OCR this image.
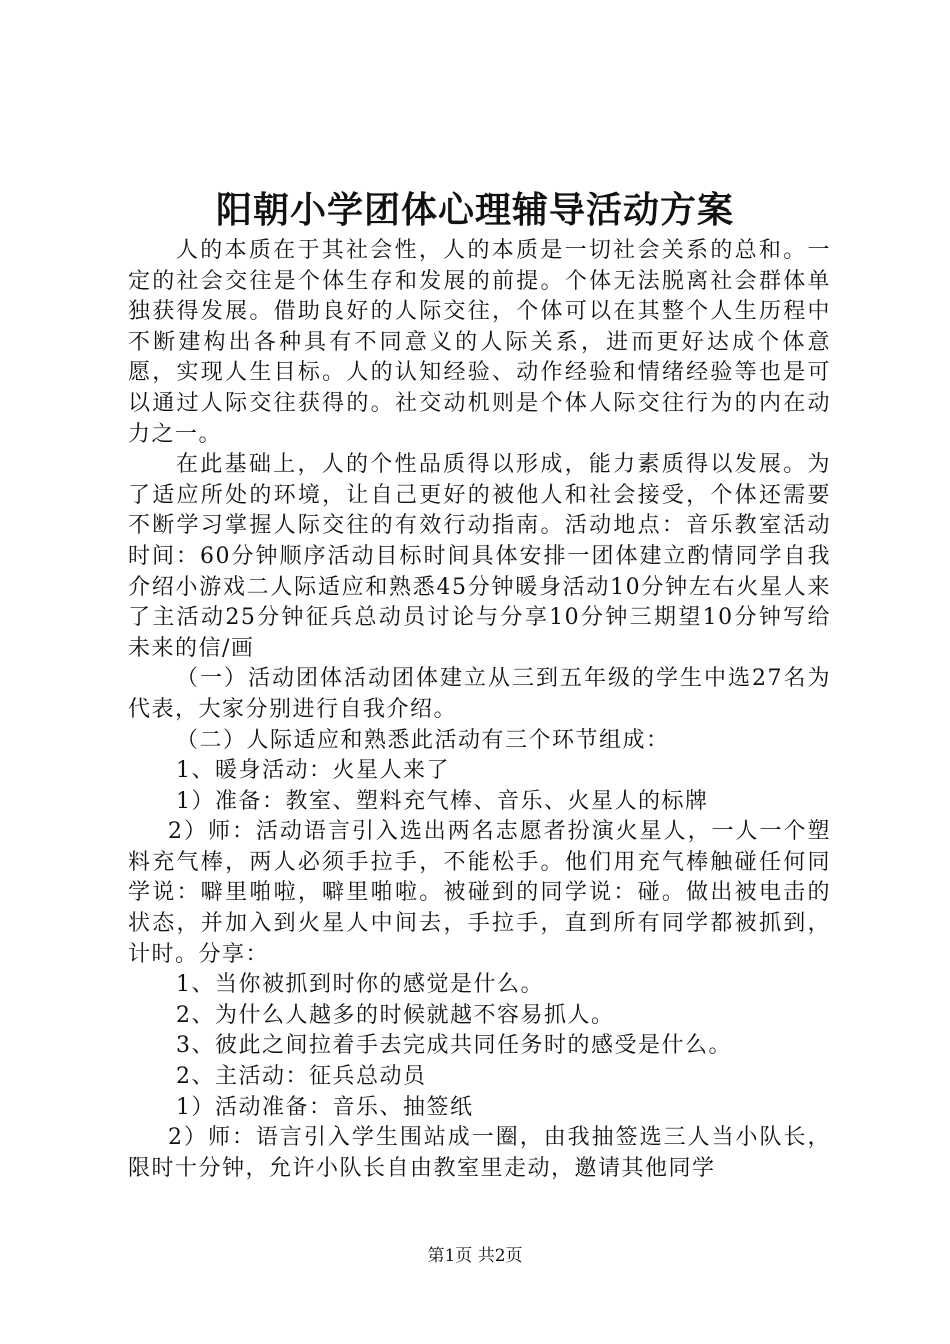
阳朝小学团体心理辅导活动方案

人的本质在于其社会性，人的本质是一切社会关系的总和。一定的社会交往是个体生存和发展的前提。个体无法脱离社会群体单独获得发展。借助良好的人际交往，个体可以在其整个人生历程中不断建构出各种具有不同意义的人际关系，进而更好达成个体意愿，实现人生目标。人的认知经验、动作经验和情绪经验等也是可以通过人际交往获得的。社交动机则是个体人际交往行为的内在动力之一。

在此基础上，人的个性品质得以形成，能力素质得以发展。为了适应所处的环境，让自己更好的被他人和社会接受，个体还需要不断学习掌握人际交往的有效行动指南。活动地点：音乐教室活动时间：60分钟顺序活动目标时间具体安排一团体建立酌情同学自我介绍小游戏二人际适应和熟悉45分钟暖身活动10分钟左右火星人来了主活动25分钟征兵总动员讨论与分享10分钟三期望10分钟写给未来的信/画

（一）活动团体活动团体建立从三到五年级的学生中选27名为代表，大家分别进行自我介绍。

（二）人际适应和熟悉此活动有三个环节组成：

1、暖身活动：火星人来了

1）准备：教室、塑料充气棒、音乐、火星人的标牌

2）师：活动语言引入选出两名志愿者扮演火星人，一人一个塑料充气棒，两人必须手拉手，不能松手。他们用充气棒触碰任何同学说：噼里啪啦，噼里啪啦。被碰到的同学说：碰。做出被电击的状态，并加入到火星人中间去，手拉手，直到所有同学都被抓到，计时。分享：

1、当你被抓到时你的感觉是什么。

2、为什么人越多的时候就越不容易抓人。

3、彼此之间拉着手去完成共同任务时的感受是什么。

2、主活动：征兵总动员

1）活动准备：音乐、抽签纸

2）师：语言引入学生围站成一圈，由我抽签选三人当小队长，限时十分钟，允许小队长自由教室里走动，邀请其他同学

第1页 共2页
